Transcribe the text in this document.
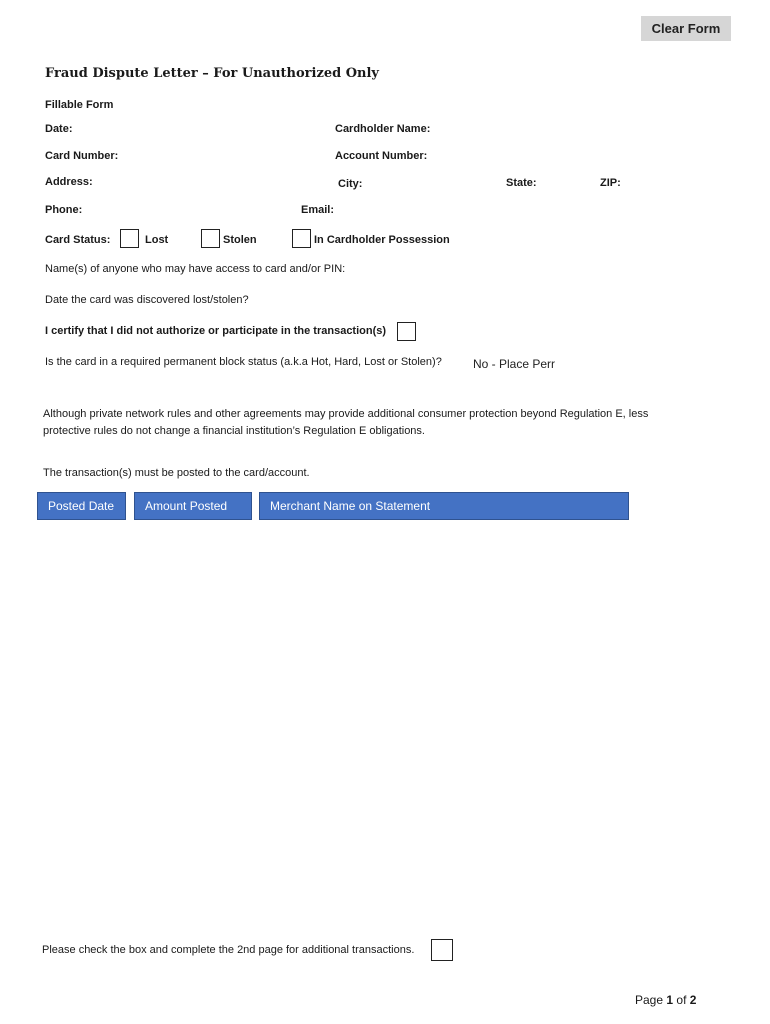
Clear Form
Fraud Dispute Letter – For Unauthorized Only
Fillable Form
Date:	Cardholder Name:
Card Number:	Account Number:
Address:	City:	State:	ZIP:
Phone:	Email:
Card Status:	Lost	Stolen	In Cardholder Possession
Name(s) of anyone who may have access to card and/or PIN:
Date the card was discovered lost/stolen?
I certify that I did not authorize or participate in the transaction(s)
Is the card in a required permanent block status (a.k.a Hot, Hard, Lost or Stolen)?	No - Place Perr
Although private network rules and other agreements may provide additional consumer protection beyond Regulation E, less
protective rules do not change a financial institution’s Regulation E obligations.
The transaction(s) must be posted to the card/account.
Posted Date	Amount Posted	Merchant Name on Statement
Please check the box and complete the 2nd page for additional transactions.
Page 1 of 2
